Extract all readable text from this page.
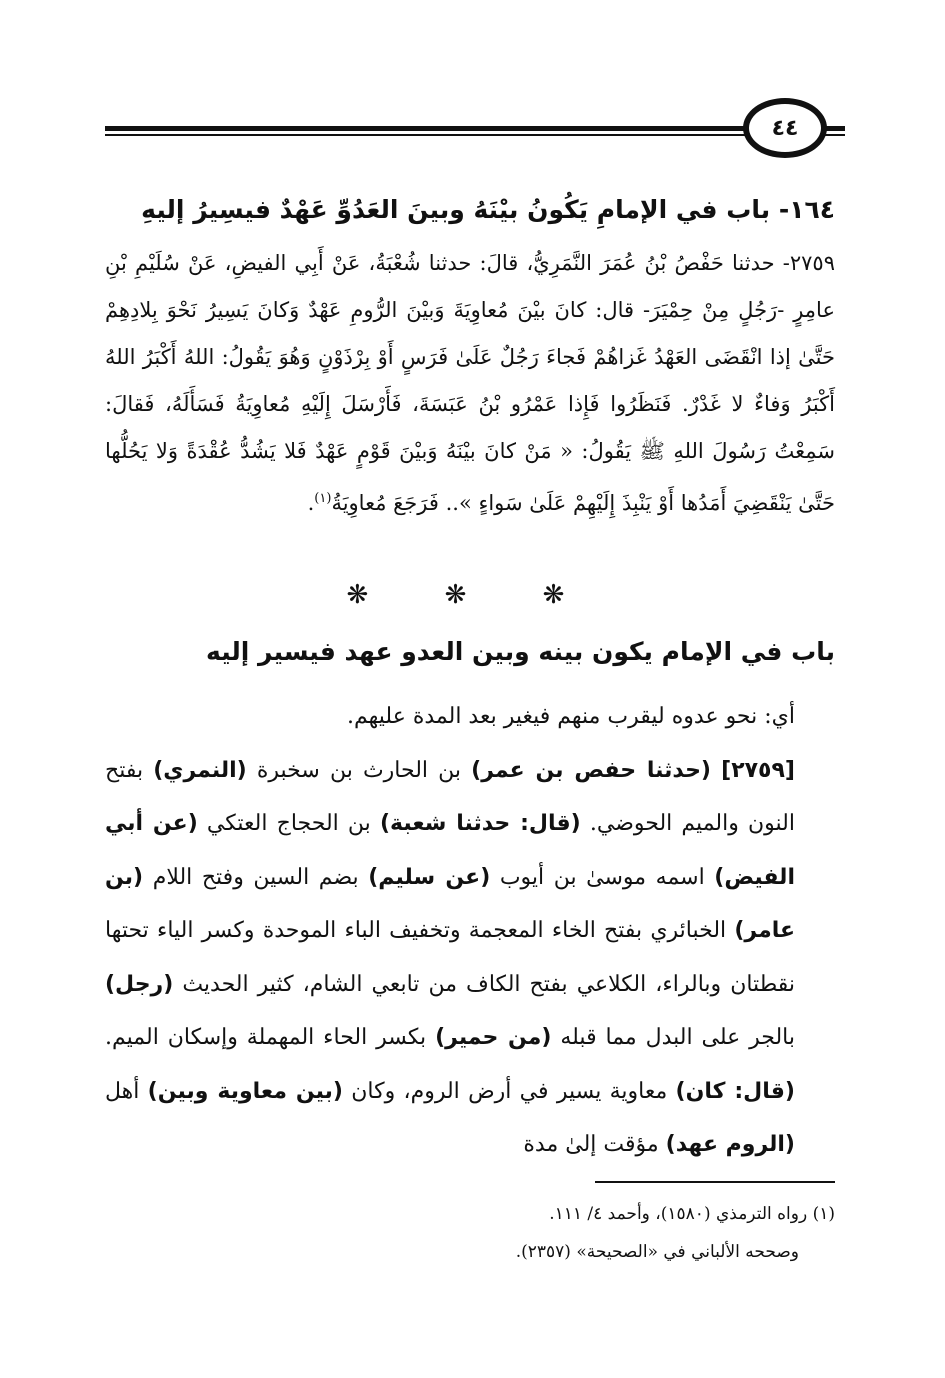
٤٤
١٦٤- باب في الإمامِ يَكُونُ بيْنَهُ وبينَ العَدُوِّ عَهْدٌ فيسِيرُ إليهِ
٢٧٥٩- حدثنا حَفْصُ بْنُ عُمَرَ النَّمَرِيُّ، قالَ: حدثنا شُعْبَةُ، عَنْ أَبِي الفيضِ، عَنْ سُلَيْمِ بْنِ عامِرٍ -رَجُلٍ مِنْ حِمْيَرَ- قال: كانَ بيْنَ مُعاوِيَةَ وَبيْنَ الرُّومِ عَهْدٌ وَكانَ يَسِيرُ نَحْوَ بِلادِهِمْ حَتَّىٰ إذا انْقَضَى العَهْدُ غَزاهُمْ فَجاءَ رَجُلٌ عَلَىٰ فَرَسٍ أَوْ بِرْذَوْنٍ وَهُوَ يَقُولُ: اللهُ أَكْبَرُ اللهُ أَكْبَرُ وَفاءٌ لا غَدْرٌ. فَنَظَرُوا فَإِذا عَمْرُو بْنُ عَبَسَةَ، فَأَرْسَلَ إِلَيْهِ مُعاوِيَةُ فَسَأَلَهُ، فَقالَ: سَمِعْتُ رَسُولَ اللهِ ﷺ يَقُولُ: « مَنْ كانَ بيْنَهُ وَبيْنَ قَوْمٍ عَهْدٌ فَلا يَشُدُّ عُقْدَةً وَلا يَحُلُّها حَتَّىٰ يَنْقَضِيَ أَمَدُها أَوْ يَنْبِذَ إِلَيْهِمْ عَلَىٰ سَواءٍ ».. فَرَجَعَ مُعاوِيَةُ$^{(١)}$.
❋ ❋ ❋
باب في الإمام يكون بينه وبين العدو عهد فيسير إليه

أي: نحو عدوه ليقرب منهم فيغير بعد المدة عليهم.

[٢٧٥٩] (حدثنا حفص بن عمر) بن الحارث بن سخبرة (النمري) بفتح النون والميم الحوضي. (قال: حدثنا شعبة) بن الحجاج العتكي (عن أبي الفيض) اسمه موسىٰ بن أيوب (عن سليم) بضم السين وفتح اللام (بن عامر) الخبائري بفتح الخاء المعجمة وتخفيف الباء الموحدة وكسر الياء تحتها نقطتان وبالراء، الكلاعي بفتح الكاف من تابعي الشام، كثير الحديث (رجل) بالجر على البدل مما قبله (من حمير) بكسر الحاء المهملة وإسكان الميم. (قال: كان) معاوية يسير في أرض الروم، وكان (بين معاوية وبين) أهل (الروم عهد) مؤقت إلىٰ مدة

(١) رواه الترمذي (١٥٨٠)، وأحمد ٤/ ١١١.

وصححه الألباني في «الصحيحة» (٢٣٥٧).
